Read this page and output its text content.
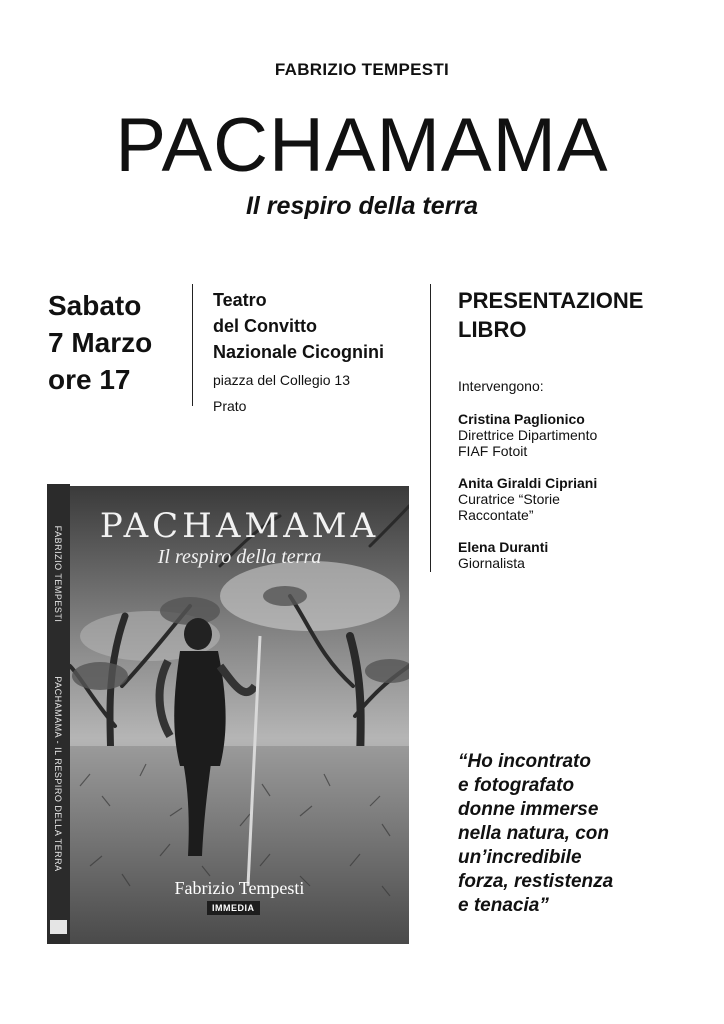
FABRIZIO TEMPESTI
PACHAMAMA
Il respiro della terra
Sabato
7 Marzo
ore 17
Teatro
del Convitto
Nazionale Cicognini
piazza del Collegio 13
Prato
PRESENTAZIONE
LIBRO
Intervengono:
Cristina Paglionico
Direttrice Dipartimento
FIAF Fotoit
Anita Giraldi Cipriani
Curatrice “Storie
Raccontate”
Elena Duranti
Giornalista
FABRIZIO TEMPESTI
PACHAMAMA - IL RESPIRO DELLA TERRA
PACHAMAMA
Il respiro della terra
Fabrizio Tempesti
IMMEDIA
“Ho incontrato
e fotografato
donne immerse
nella natura, con
un’incredibile
forza, restistenza
e tenacia”
